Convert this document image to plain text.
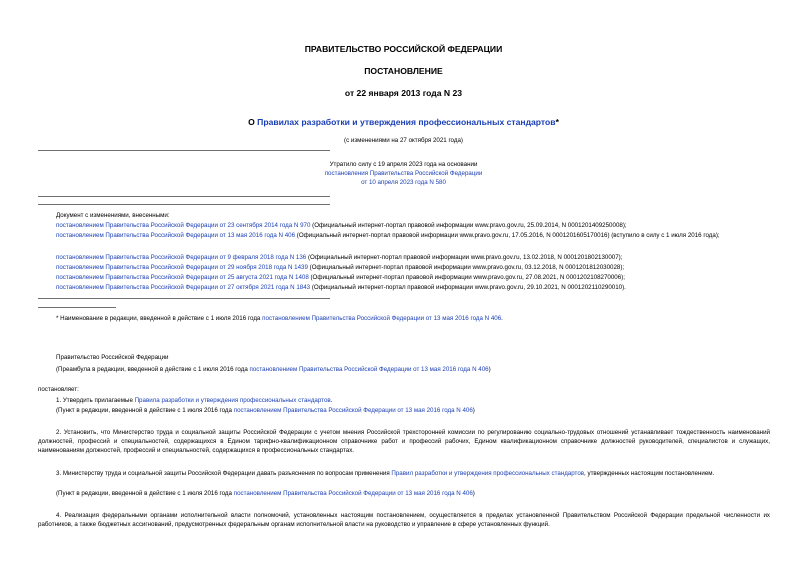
ПРАВИТЕЛЬСТВО РОССИЙСКОЙ ФЕДЕРАЦИИ
ПОСТАНОВЛЕНИЕ
от 22 января 2013 года N 23
О Правилах разработки и утверждения профессиональных стандартов*
(с изменениями на 27 октября 2021 года)
Утратило силу с 19 апреля 2023 года на основании
постановления Правительства Российской Федерации
от 10 апреля 2023 года N 580
Документ с изменениями, внесенными:
постановлением Правительства Российской Федерации от 23 сентября 2014 года N 970 (Официальный интернет-портал правовой информации www.pravo.gov.ru, 25.09.2014, N 0001201409250008);
постановлением Правительства Российской Федерации от 13 мая 2016 года N 406 (Официальный интернет-портал правовой информации www.pravo.gov.ru, 17.05.2016, N 0001201605170016) (вступило в силу с 1 июля 2016 года);
постановлением Правительства Российской Федерации от 9 февраля 2018 года N 136 (Официальный интернет-портал правовой информации www.pravo.gov.ru, 13.02.2018, N 0001201802130007);
постановлением Правительства Российской Федерации от 29 ноября 2018 года N 1439 (Официальный интернет-портал правовой информации www.pravo.gov.ru, 03.12.2018, N 0001201812030028);
постановлением Правительства Российской Федерации от 25 августа 2021 года N 1408 (Официальный интернет-портал правовой информации www.pravo.gov.ru, 27.08.2021, N 0001202108270006);
постановлением Правительства Российской Федерации от 27 октября 2021 года N 1843 (Официальный интернет-портал правовой информации www.pravo.gov.ru, 29.10.2021, N 0001202110290010).
* Наименование в редакции, введенной в действие с 1 июля 2016 года постановлением Правительства Российской Федерации от 13 мая 2016 года N 406.
Правительство Российской Федерации
(Преамбула в редакции, введенной в действие с 1 июля 2016 года постановлением Правительства Российской Федерации от 13 мая 2016 года N 406)
постановляет:
1. Утвердить прилагаемые Правила разработки и утверждения профессиональных стандартов.
(Пункт в редакции, введенной в действие с 1 июля 2016 года постановлением Правительства Российской Федерации от 13 мая 2016 года N 406)
2. Установить, что Министерство труда и социальной защиты Российской Федерации с учетом мнения Российской трехсторонней комиссии по регулированию социально-трудовых отношений устанавливает тождественность наименований должностей, профессий и специальностей, содержащихся в Едином тарифно-квалификационном справочнике работ и профессий рабочих, Едином квалификационном справочнике должностей руководителей, специалистов и служащих, наименованиям должностей, профессий и специальностей, содержащихся в профессиональных стандартах.
3. Министерству труда и социальной защиты Российской Федерации давать разъяснения по вопросам применения Правил разработки и утверждения профессиональных стандартов, утвержденных настоящим постановлением.
(Пункт в редакции, введенной в действие с 1 июля 2016 года постановлением Правительства Российской Федерации от 13 мая 2016 года N 406)
4. Реализация федеральными органами исполнительной власти полномочий, установленных настоящим постановлением, осуществляется в пределах установленной Правительством Российской Федерации предельной численности их работников, а также бюджетных ассигнований, предусмотренных федеральным органам исполнительной власти на руководство и управление в сфере установленных функций.
